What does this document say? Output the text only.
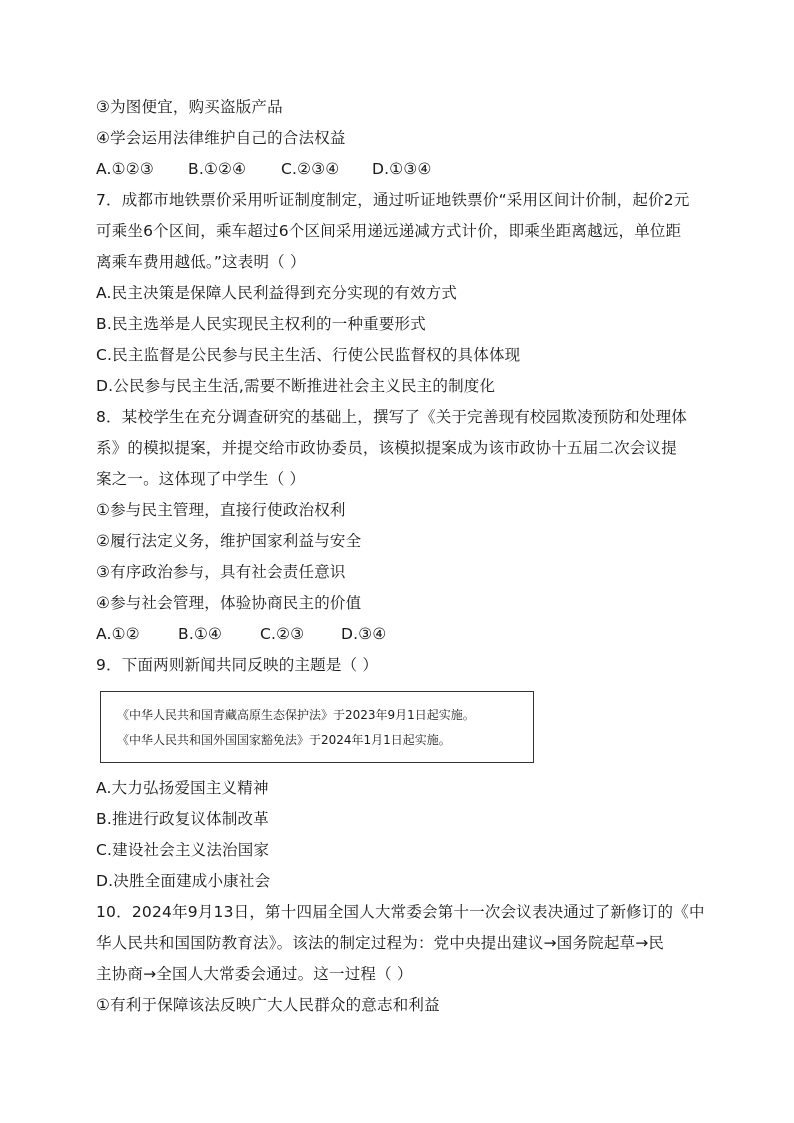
③为图便宜，购买盗版产品
④学会运用法律维护自己的合法权益
A.①②③	B.①②④	C.②③④	D.①③④
7．成都市地铁票价采用听证制度制定，通过听证地铁票价“采用区间计价制，起价2元
可乘坐6个区间，乘车超过6个区间采用递远递减方式计价，即乘坐距离越远，单位距
离乘车费用越低。”这表明（ ）
A.民主决策是保障人民利益得到充分实现的有效方式
B.民主选举是人民实现民主权利的一种重要形式
C.民主监督是公民参与民主生活、行使公民监督权的具体体现
D.公民参与民主生活,需要不断推进社会主义民主的制度化
8．某校学生在充分调查研究的基础上，撰写了《关于完善现有校园欺凌预防和处理体
系》的模拟提案，并提交给市政协委员，该模拟提案成为该市政协十五届二次会议提
案之一。这体现了中学生（ ）
①参与民主管理，直接行使政治权利
②履行法定义务，维护国家利益与安全
③有序政治参与，具有社会责任意识
④参与社会管理，体验协商民主的价值
A.①②	B.①④	C.②③	D.③④
9．下面两则新闻共同反映的主题是（ ）
《中华人民共和国青藏高原生态保护法》于2023年9月1日起实施。
《中华人民共和国外国国家豁免法》于2024年1月1日起实施。
A.大力弘扬爱国主义精神
B.推进行政复议体制改革
C.建设社会主义法治国家
D.决胜全面建成小康社会
10．2024年9月13日，第十四届全国人大常委会第十一次会议表决通过了新修订的《中
华人民共和国国防教育法》。该法的制定过程为：党中央提出建议→国务院起草→民
主协商→全国人大常委会通过。这一过程（ ）
①有利于保障该法反映广大人民群众的意志和利益
